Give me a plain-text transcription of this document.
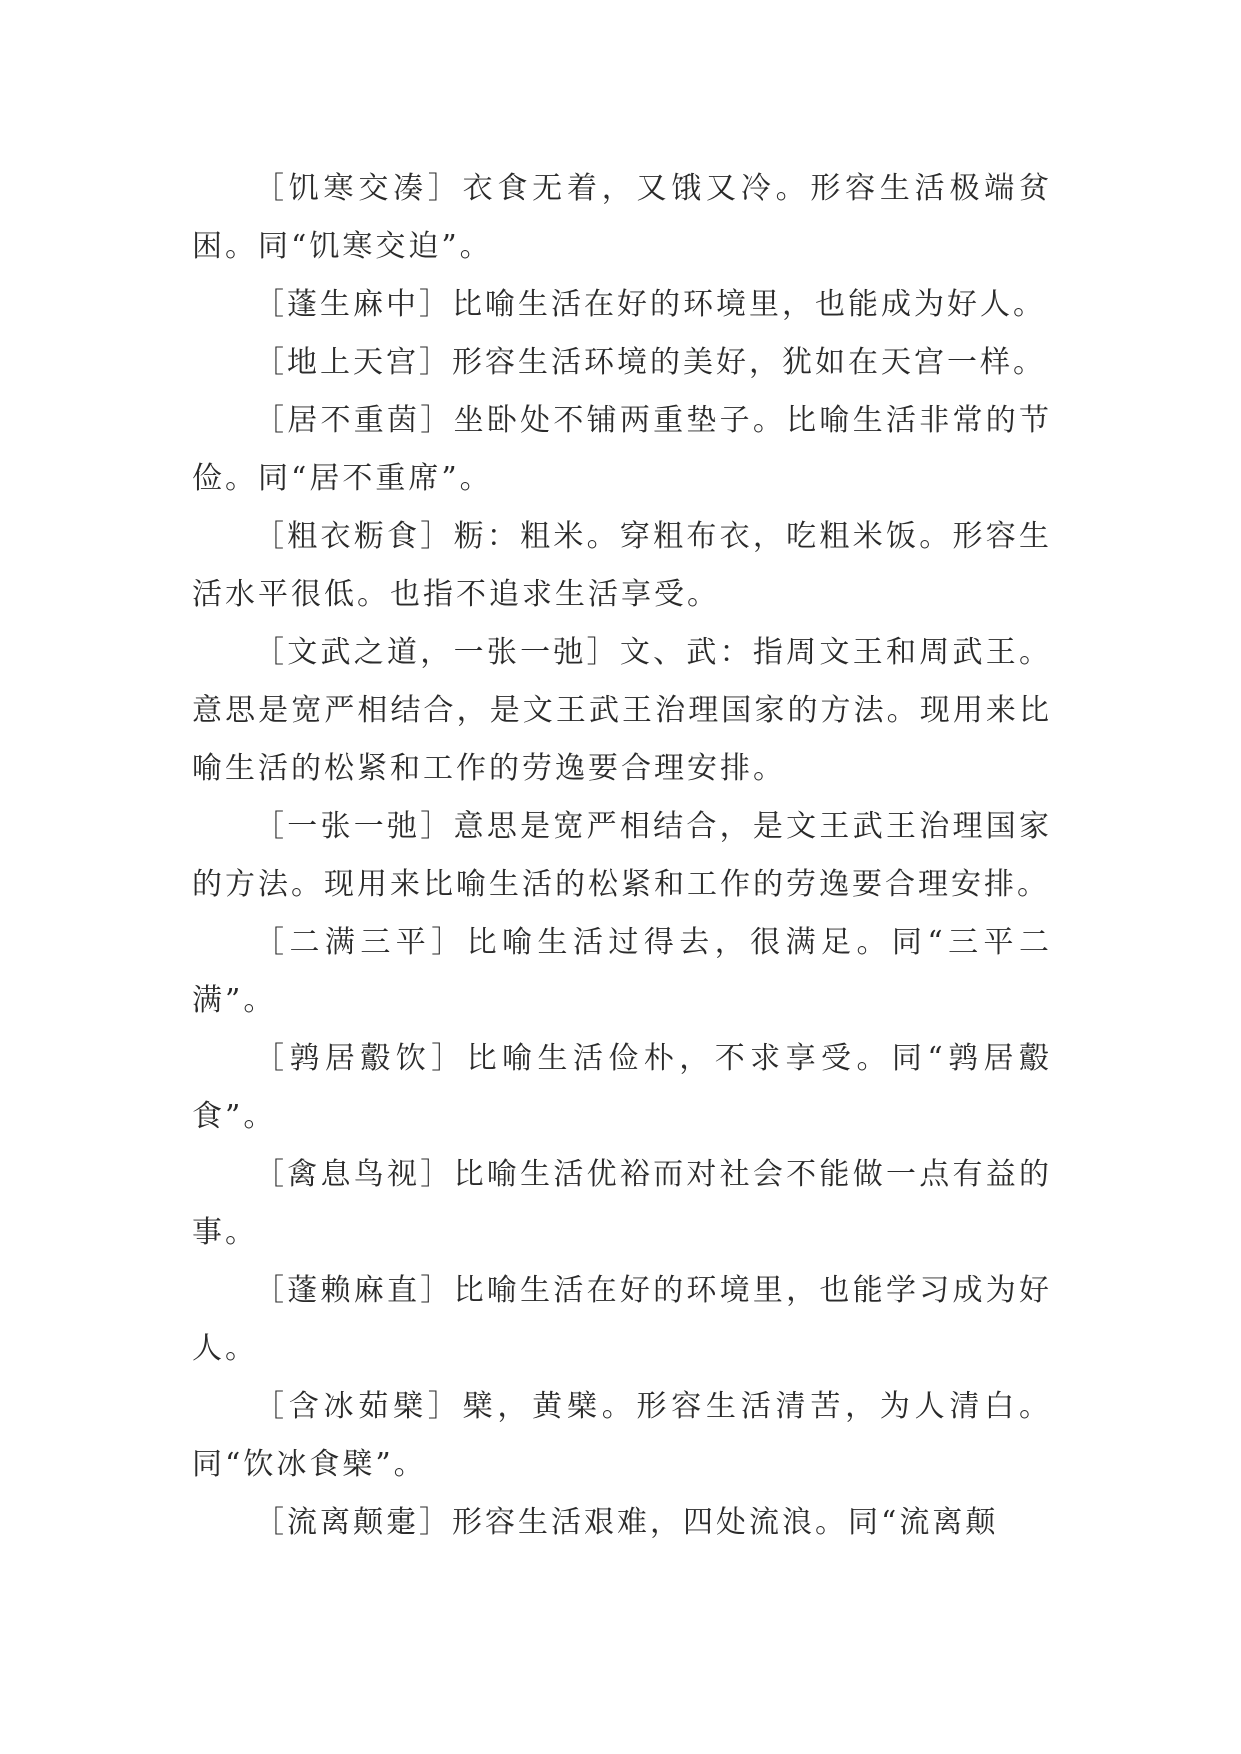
［饥寒交凑］衣食无着，又饿又冷。形容生活极端贫困。同“饥寒交迫”。

［蓬生麻中］比喻生活在好的环境里，也能成为好人。

［地上天宫］形容生活环境的美好，犹如在天宫一样。

［居不重茵］坐卧处不铺两重垫子。比喻生活非常的节俭。同“居不重席”。

［粗衣粝食］粝：粗米。穿粗布衣，吃粗米饭。形容生活水平很低。也指不追求生活享受。

［文武之道，一张一弛］文、武：指周文王和周武王。意思是宽严相结合，是文王武王治理国家的方法。现用来比喻生活的松紧和工作的劳逸要合理安排。

［一张一弛］意思是宽严相结合，是文王武王治理国家的方法。现用来比喻生活的松紧和工作的劳逸要合理安排。

［二满三平］比喻生活过得去，很满足。同“三平二满”。

［鹑居鷇饮］比喻生活俭朴，不求享受。同“鹑居鷇食”。

［禽息鸟视］比喻生活优裕而对社会不能做一点有益的事。

［蓬赖麻直］比喻生活在好的环境里，也能学习成为好人。

［含冰茹檗］檗，黄檗。形容生活清苦，为人清白。同“饮冰食檗”。

［流离颠疐］形容生活艰难，四处流浪。同“流离颠
